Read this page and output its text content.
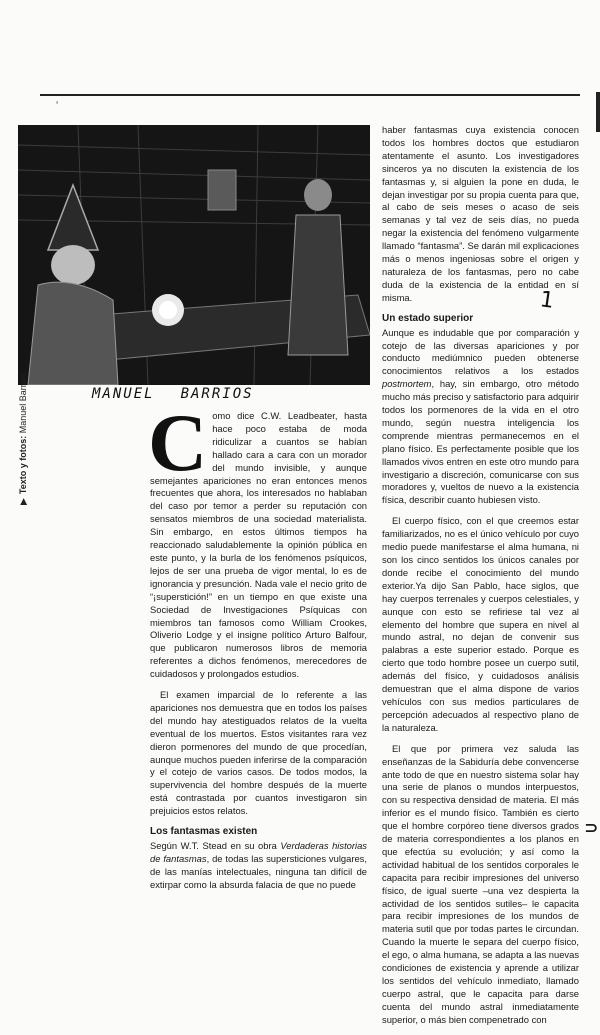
‘
⊃
MANUEL BARRIOS
▶Texto y fotos: Manuel Barrios. Como dice C.W. Leadbeater, hasta hace poco estaba de moda ridiculizar a cuantos se habían hallado cara a cara con un morador del mundo invisible, y aunque semejantes apariciones no eran entonces menos frecuentes que ahora, los interesados no hablaban del caso por temor a perder su reputación con sensatos miembros de una sociedad materialista. Sin embargo, en estos últimos tiempos ha reaccionado saludablemente la opinión pública en este punto, y la burla de los fenómenos psíquicos, lejos de ser una prueba de vigor mental, lo es de ignorancia y presunción. Nada vale el necio grito de “¡superstición!” en un tiempo en que existe una Sociedad de Investigaciones Psíquicas con miembros tan famosos como William Crookes, Oliverio Lodge y el insigne político Arturo Balfour, que publicaron numerosos libros de memoria referentes a dichos fenómenos, merecedores de cuidadosos y prolongados estudios.

El examen imparcial de lo referente a las apariciones nos demuestra que en todos los países del mundo hay atestiguados relatos de la vuelta eventual de los muertos. Estos visitantes rara vez dieron pormenores del mundo de que procedían, aunque muchos pueden inferirse de la comparación y el cotejo de varios casos. De todos modos, la supervivencia del hombre después de la muerte está contrastada por cuantos investigaron sin prejuicios estos relatos.

Los fantasmas existen

Según W.T. Stead en su obra Verdaderas historias de fantasmas, de todas las supersticiones vulgares, de las manías intelectuales, ninguna tan difícil de extirpar como la absurda falacia de que no puede

haber fantasmas cuya existencia conocen todos los hombres doctos que estudiaron atentamente el asunto. Los investigadores sinceros ya no discuten la existencia de los fantasmas y, si alguien la pone en duda, le dejan investigar por su propia cuenta para que, al cabo de seis meses o acaso de seis semanas y tal vez de seis días, no pueda negar la existencia del fenómeno vulgarmente llamado “fantasma”. Se darán mil explicaciones más o menos ingeniosas sobre el origen y naturaleza de los fantasmas, pero no cabe duda de la existencia de la entidad en sí misma.

Un estado superior

Aunque es indudable que por comparación y cotejo de las diversas apariciones y por conducto mediúmnico pueden obtenerse conocimientos relativos a los estados postmortem, hay, sin embargo, otro método mucho más preciso y satisfactorio para adquirir todos los pormenores de la vida en el otro mundo, según nuestra inteligencia los comprende mientras permanecemos en el plano físico. Es perfectamente posible que los llamados vivos entren en este otro mundo para investigario a discreción, comunicarse con sus moradores y, vueltos de nuevo a la existencia física, describir cuanto hubiesen visto.

El cuerpo físico, con el que creemos estar familiarizados, no es el único vehículo por cuyo medio puede manifestarse el alma humana, ni son los cinco sentidos los únicos canales por donde recibe el conocimiento del mundo exterior.Ya dijo San Pablo, hace siglos, que hay cuerpos terrenales y cuerpos celestiales, y aunque con esto se refiriese tal vez al elemento del hombre que supera en nivel al mundo astral, no dejan de convenir sus palabras a este superior estado. Porque es cierto que todo hombre posee un cuerpo sutil, además del físico, y cuidadosos análisis demuestran que el alma dispone de varios vehículos con sus medios particulares de percepción adecuados al respectivo plano de la naturaleza.

El que por primera vez saluda las enseñanzas de la Sabiduría debe convencerse ante todo de que en nuestro sistema solar hay una serie de planos o mundos interpuestos, con su respectiva densidad de materia. El más inferior es el mundo físico. También es cierto que el hombre corpóreo tiene diversos grados de materia correspondientes a los planos en que efectúa su evolución; y así como la actividad habitual de los sentidos corporales le capacita para recibir impresiones del universo físico, de igual suerte –una vez despierta la actividad de los sentidos sutiles– le capacita para recibir impresiones de los mundos de materia sutil que por todas partes le circundan. Cuando la muerte le separa del cuerpo físico, el ego, o alma humana, se adapta a las nuevas condiciones de existencia y aprende a utilizar los sentidos del vehículo inmediato, llamado cuerpo astral, que le capacita para darse cuenta del mundo astral inmediatamente superior, o más bien compenetrado con

1
